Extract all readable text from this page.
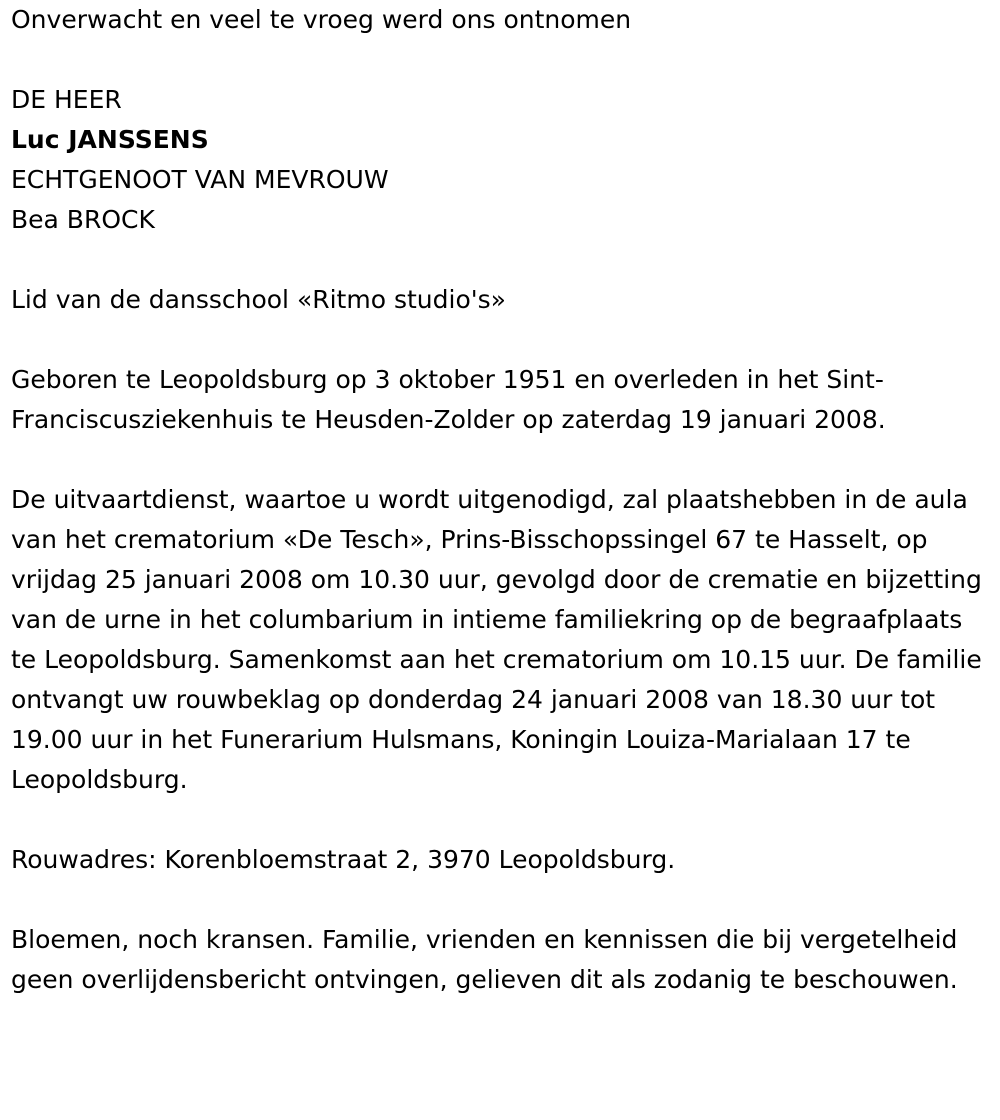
Onverwacht en veel te vroeg werd ons ontnomen

DE HEER

Luc JANSSENS

ECHTGENOOT VAN MEVROUW

Bea BROCK

Lid van de dansschool «Ritmo studio's»

Geboren te Leopoldsburg op 3 oktober 1951 en overleden in het Sint-Franciscusziekenhuis te Heusden-Zolder op zaterdag 19 januari 2008.

De uitvaartdienst, waartoe u wordt uitgenodigd, zal plaatshebben in de aula van het crematorium «De Tesch», Prins-Bisschopssingel 67 te Hasselt, op vrijdag 25 januari 2008 om 10.30 uur, gevolgd door de crematie en bijzetting van de urne in het columbarium in intieme familiekring op de begraafplaats te Leopoldsburg. Samenkomst aan het crematorium om 10.15 uur. De familie ontvangt uw rouwbeklag op donderdag 24 januari 2008 van 18.30 uur tot 19.00 uur in het Funerarium Hulsmans, Koningin Louiza-Marialaan 17 te Leopoldsburg.

Rouwadres: Korenbloemstraat 2, 3970 Leopoldsburg.

Bloemen, noch kransen. Familie, vrienden en kennissen die bij vergetelheid geen overlijdensbericht ontvingen, gelieven dit als zodanig te beschouwen.
